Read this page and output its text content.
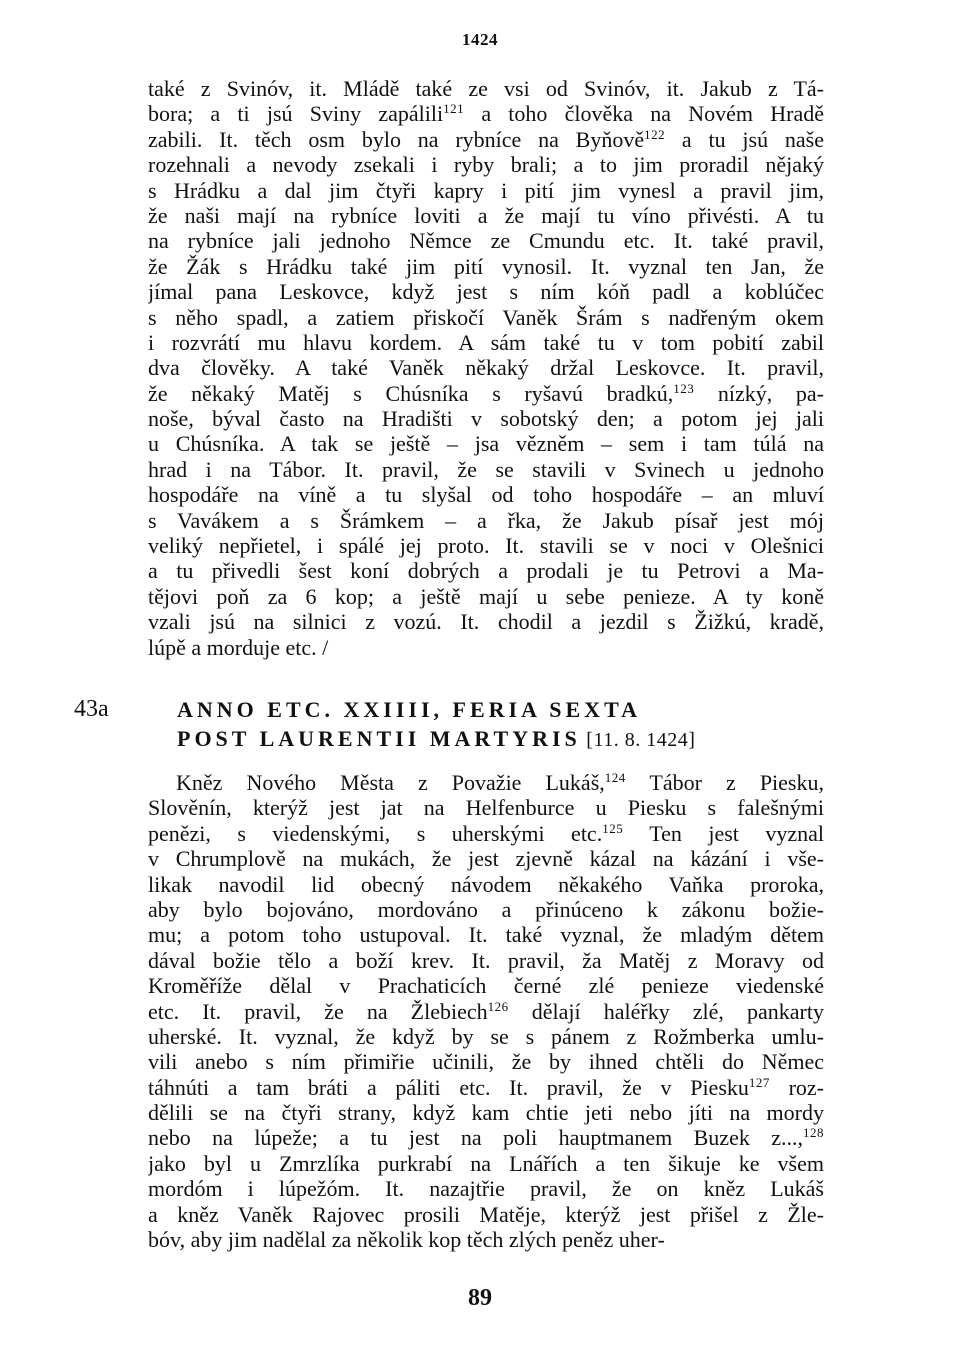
1424
také z Svinóv, it. Mládě také ze vsi od Svinóv, it. Jakub z Tá-
bora; a ti jsú Sviny zapálili$^{121}$ a toho člověka na Novém Hradě
zabili. It. těch osm bylo na rybníce na Byňově$^{122}$ a tu jsú naše
rozehnali a nevody zsekali i ryby brali; a to jim proradil nějaký
s Hrádku a dal jim čtyři kapry i pití jim vynesl a pravil jim,
že naši mají na rybníce loviti a že mají tu víno přivésti. A tu
na rybníce jali jednoho Němce ze Cmundu etc. It. také pravil,
že Žák s Hrádku také jim pití vynosil. It. vyznal ten Jan, že
jímal pana Leskovce, když jest s ním kóň padl a koblúčec
s něho spadl, a zatiem přiskočí Vaněk Šrám s nadřeným okem
i rozvrátí mu hlavu kordem. A sám také tu v tom pobití zabil
dva člověky. A také Vaněk někaký držal Leskovce. It. pravil,
že někaký Matěj s Chúsníka s ryšavú bradkú,$^{123}$ nízký, pa-
noše, býval často na Hradišti v sobotský den; a potom jej jali
u Chúsníka. A tak se ještě – jsa vězněm – sem i tam túlá na
hrad i na Tábor. It. pravil, že se stavili v Svinech u jednoho
hospodáře na víně a tu slyšal od toho hospodáře – an mluví
s Vavákem a s Šrámkem – a řka, že Jakub písař jest mój
veliký nepřietel, i spálé jej proto. It. stavili se v noci v Olešnici
a tu přivedli šest koní dobrých a prodali je tu Petrovi a Ma-
tějovi poň za 6 kop; a ještě mají u sebe penieze. A ty koně
vzali jsú na silnici z vozú. It. chodil a jezdil s Žižkú, kradě,
lúpě a morduje etc. /
43a	ANNO ETC. XXIIII, FERIA SEXTA
POST LAURENTII MARTYRIS [11. 8. 1424]
Kněz Nového Města z Považie Lukáš,$^{124}$ Tábor z Piesku,
Slověnín, kterýž jest jat na Helfenburce u Piesku s falešnými
penězi, s viedenskými, s uherskými etc.$^{125}$ Ten jest vyznal
v Chrumplově na mukách, že jest zjevně kázal na kázání i vše-
likak navodil lid obecný návodem někakého Vaňka proroka,
aby bylo bojováno, mordováno a přinúceno k zákonu božie-
mu; a potom toho ustupoval. It. také vyznal, že mladým dětem
dával božie tělo a boží krev. It. pravil, ža Matěj z Moravy od
Kroměříže dělal v Prachaticích černé zlé penieze viedenské
etc. It. pravil, že na Žlebiech$^{126}$ dělají haléřky zlé, pankarty
uherské. It. vyznal, že když by se s pánem z Rožmberka umlu-
vili anebo s ním přimiřie učinili, že by ihned chtěli do Němec
táhnúti a tam bráti a páliti etc. It. pravil, že v Piesku$^{127}$ roz-
dělili se na čtyři strany, když kam chtie jeti nebo jíti na mordy
nebo na lúpeže; a tu jest na poli hauptmanem Buzek z...,$^{128}$
jako byl u Zmrzlíka purkrabí na Lnářích a ten šikuje ke všem
mordóm i lúpežóm. It. nazajtřie pravil, že on kněz Lukáš
a kněz Vaněk Rajovec prosili Matěje, kterýž jest přišel z Žle-
bóv, aby jim nadělal za několik kop těch zlých peněz uher-
89
